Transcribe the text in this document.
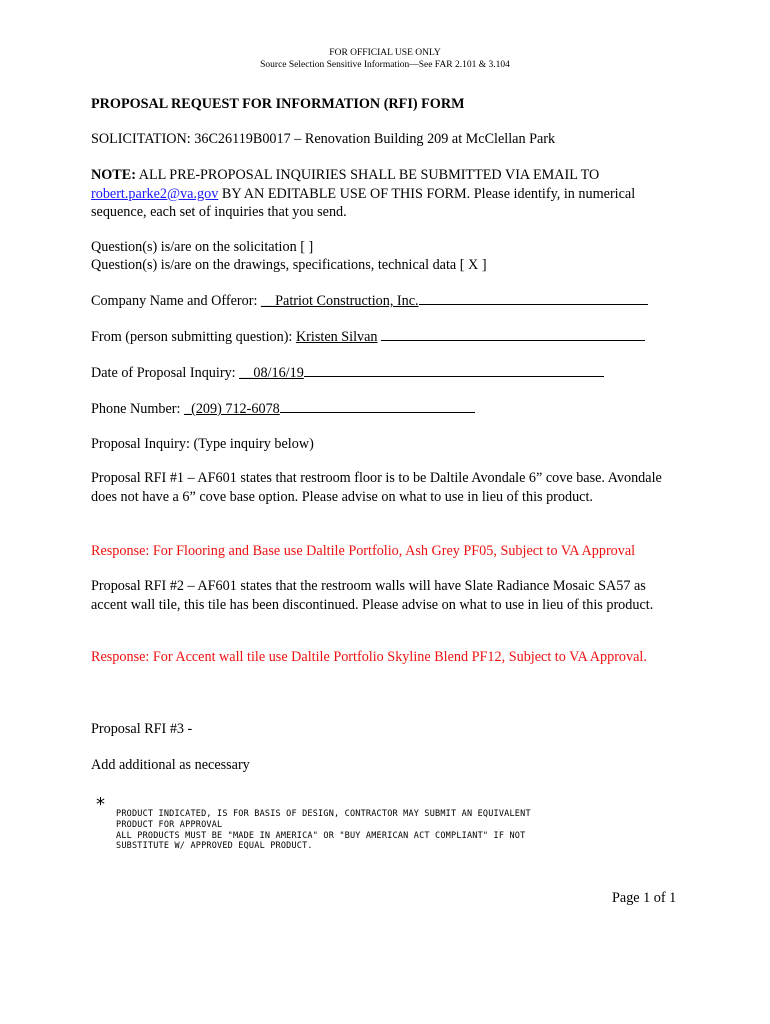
FOR OFFICIAL USE ONLY

Source Selection Sensitive Information—See FAR 2.101 & 3.104

PROPOSAL REQUEST FOR INFORMATION (RFI) FORM

SOLICITATION: 36C26119B0017 – Renovation Building 209 at McClellan Park

NOTE: ALL PRE-PROPOSAL INQUIRIES SHALL BE SUBMITTED VIA EMAIL TO
robert.parke2@va.gov BY AN EDITABLE USE OF THIS FORM. Please identify, in numerical sequence, each set of inquiries that you send.

Question(s) is/are on the solicitation [ ]

Question(s) is/are on the drawings, specifications, technical data [ X ]

Company Name and Offeror: __Patriot Construction, Inc.

From (person submitting question): Kristen Silvan

Date of Proposal Inquiry: __08/16/19

Phone Number: _(209) 712-6078

Proposal Inquiry: (Type inquiry below)

Proposal RFI #1 – AF601 states that restroom floor is to be Daltile Avondale 6” cove base. Avondale does not have a 6” cove base option. Please advise on what to use in lieu of this product.

Response: For Flooring and Base use Daltile Portfolio, Ash Grey PF05, Subject to VA Approval

Proposal RFI #2 – AF601 states that the restroom walls will have Slate Radiance Mosaic SA57 as accent wall tile, this tile has been discontinued. Please advise on what to use in lieu of this product.

Response: For Accent wall tile use Daltile Portfolio Skyline Blend PF12, Subject to VA Approval.

Proposal RFI #3 -

Add additional as necessary

* PRODUCT INDICATED, IS FOR BASIS OF DESIGN, CONTRACTOR MAY SUBMIT AN EQUIVALENT
PRODUCT FOR APPROVAL
ALL PRODUCTS MUST BE "MADE IN AMERICA" OR "BUY AMERICAN ACT COMPLIANT" IF NOT
SUBSTITUTE W/ APPROVED EQUAL PRODUCT.

Page 1 of 1
